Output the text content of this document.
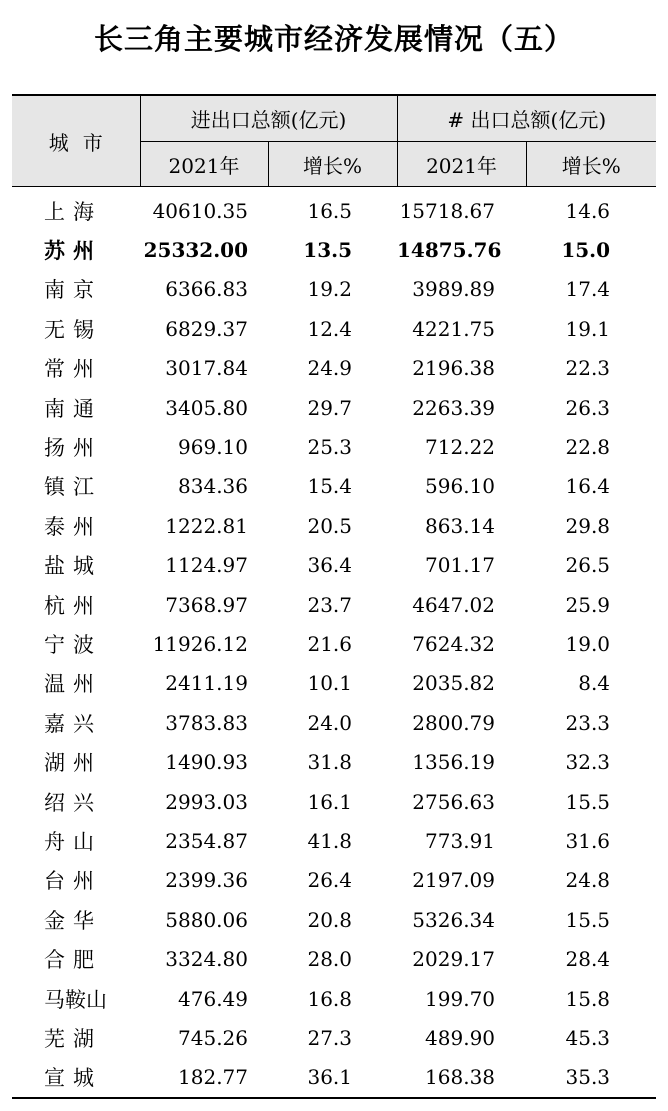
长三角主要城市经济发展情况（五）
城市	进出口总额(亿元)		# 出口总额(亿元)	
	2021年	增长%	2021年	增长%
上海	40610.35	16.5	15718.67	14.6
苏州	25332.00	13.5	14875.76	15.0
南京	6366.83	19.2	3989.89	17.4
无锡	6829.37	12.4	4221.75	19.1
常州	3017.84	24.9	2196.38	22.3
南通	3405.80	29.7	2263.39	26.3
扬州	969.10	25.3	712.22	22.8
镇江	834.36	15.4	596.10	16.4
泰州	1222.81	20.5	863.14	29.8
盐城	1124.97	36.4	701.17	26.5
杭州	7368.97	23.7	4647.02	25.9
宁波	11926.12	21.6	7624.32	19.0
温州	2411.19	10.1	2035.82	8.4
嘉兴	3783.83	24.0	2800.79	23.3
湖州	1490.93	31.8	1356.19	32.3
绍兴	2993.03	16.1	2756.63	15.5
舟山	2354.87	41.8	773.91	31.6
台州	2399.36	26.4	2197.09	24.8
金华	5880.06	20.8	5326.34	15.5
合肥	3324.80	28.0	2029.17	28.4
马鞍山	476.49	16.8	199.70	15.8
芜湖	745.26	27.3	489.90	45.3
宣城	182.77	36.1	168.38	35.3
